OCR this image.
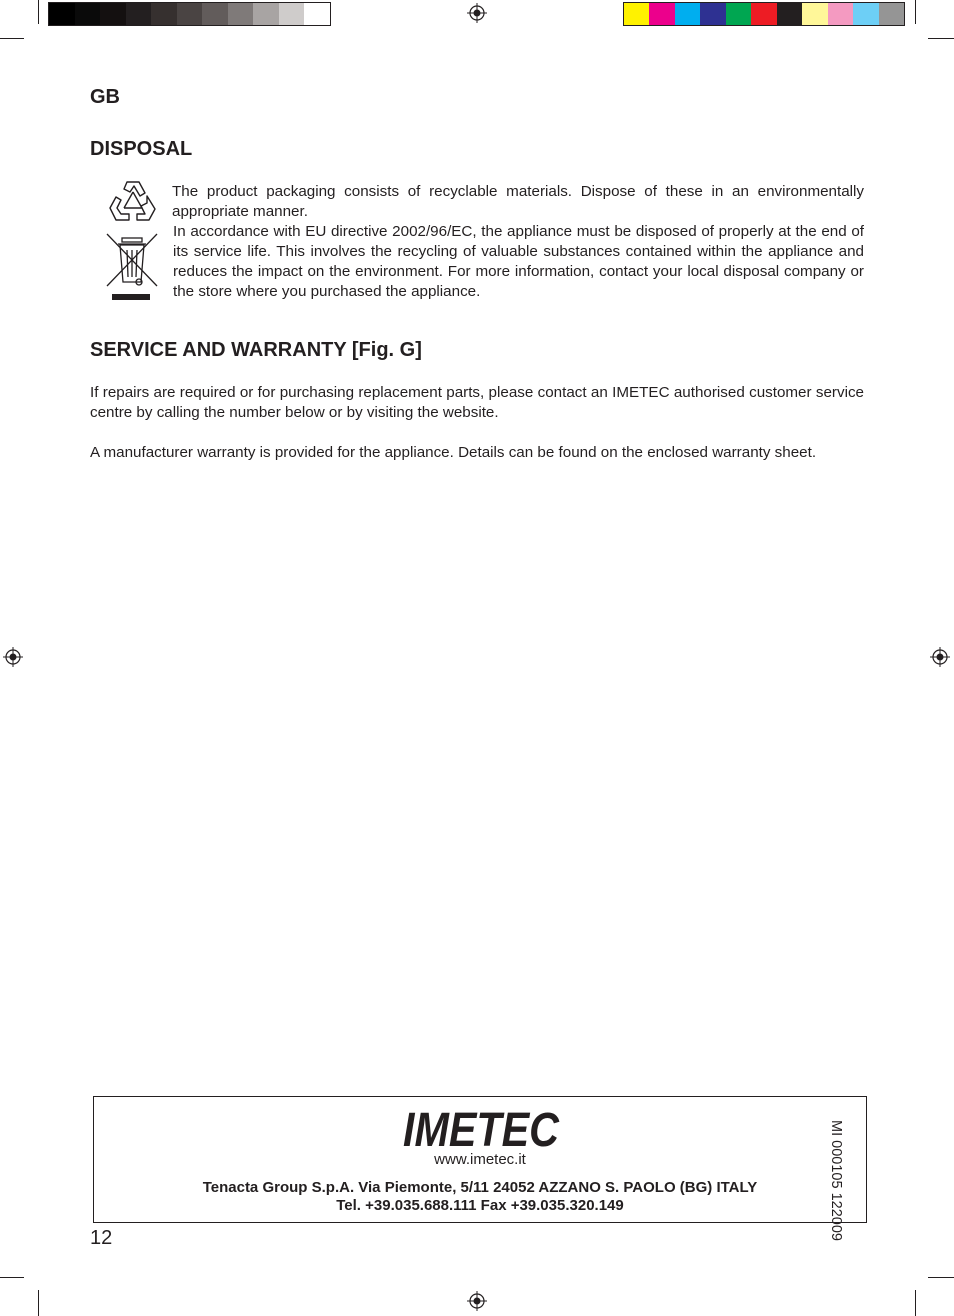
GB
DISPOSAL
The product packaging consists of recyclable materials. Dispose of these in an environmentally appropriate manner.
In accordance with EU directive 2002/96/EC, the appliance must be disposed of properly at the end of its service life. This involves the recycling of valuable substances contained within the appliance and reduces the impact on the environment. For more information, contact your local disposal company or the store where you purchased the appliance.
SERVICE AND WARRANTY [Fig. G]
If repairs are required or for purchasing replacement parts, please contact an IMETEC authorised customer service centre by calling the number below or by visiting the website.
A manufacturer warranty is provided for the appliance. Details can be found on the enclosed warranty sheet.
IMETEC
www.imetec.it
Tenacta Group S.p.A. Via Piemonte, 5/11 24052 AZZANO S. PAOLO (BG) ITALY
Tel. +39.035.688.111 Fax +39.035.320.149
MI 000105 122009
12
